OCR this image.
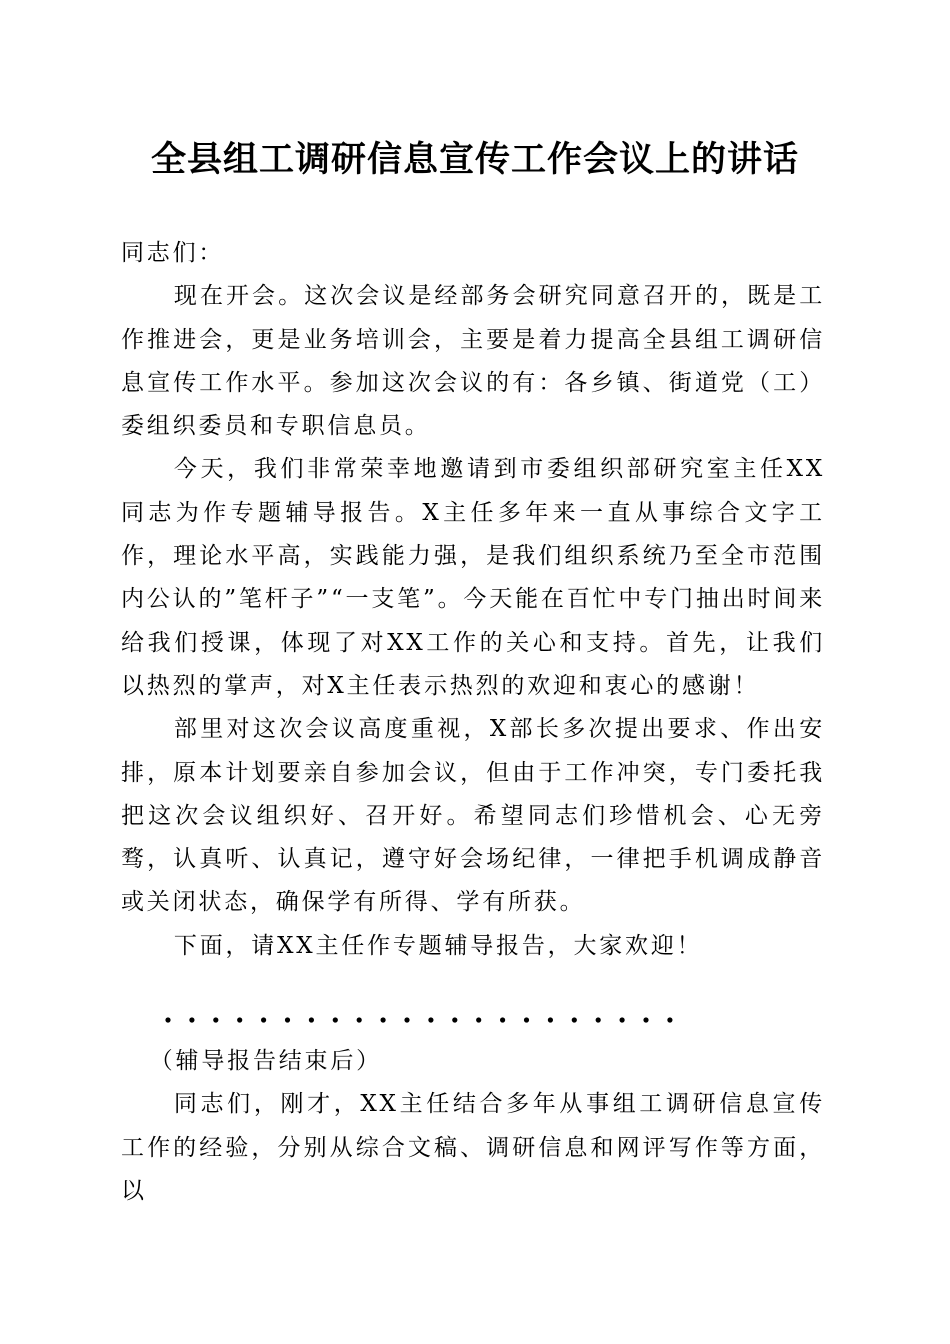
全县组工调研信息宣传工作会议上的讲话

同志们：

现在开会。这次会议是经部务会研究同意召开的，既是工作推进会，更是业务培训会，主要是着力提高全县组工调研信息宣传工作水平。参加这次会议的有：各乡镇、街道党（工）委组织委员和专职信息员。

今天，我们非常荣幸地邀请到市委组织部研究室主任XX同志为作专题辅导报告。X主任多年来一直从事综合文字工作，理论水平高，实践能力强，是我们组织系统乃至全市范围内公认的”笔杆子”“一支笔”。今天能在百忙中专门抽出时间来给我们授课，体现了对XX工作的关心和支持。首先，让我们以热烈的掌声，对X主任表示热烈的欢迎和衷心的感谢！

部里对这次会议高度重视，X部长多次提出要求、作出安排，原本计划要亲自参加会议，但由于工作冲突，专门委托我把这次会议组织好、召开好。希望同志们珍惜机会、心无旁骛，认真听、认真记，遵守好会场纪律，一律把手机调成静音或关闭状态，确保学有所得、学有所获。

下面，请XX主任作专题辅导报告，大家欢迎！

（辅导报告结束后）

同志们，刚才，XX主任结合多年从事组工调研信息宣传工作的经验，分别从综合文稿、调研信息和网评写作等方面，以
